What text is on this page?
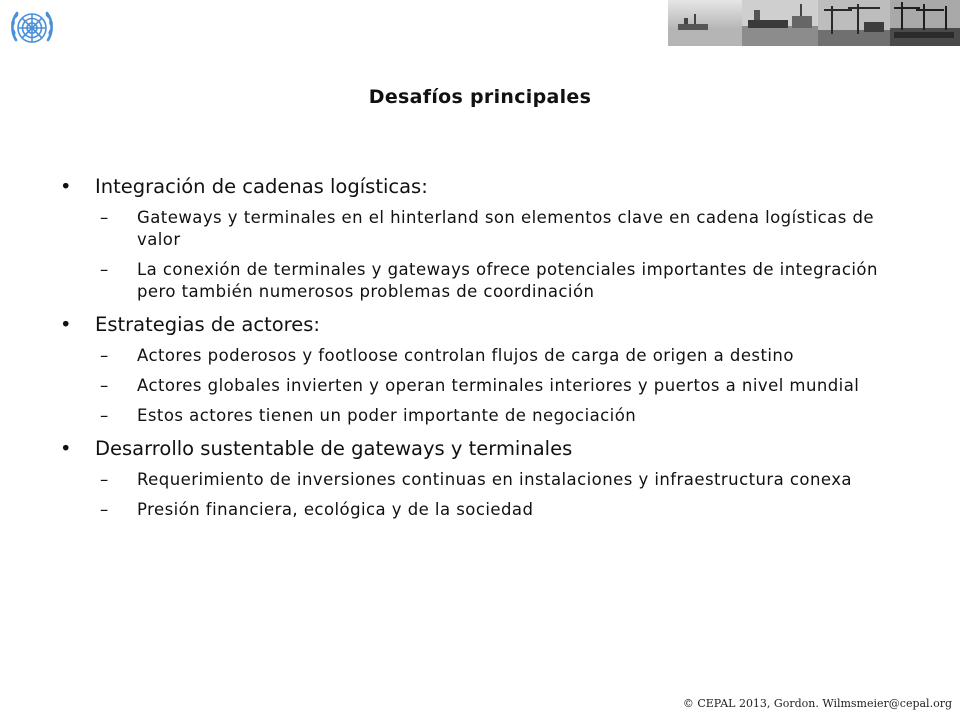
Desafíos principales
•	Integración de cadenas logísticas:
–	Gateways y terminales en el hinterland son elementos clave en cadena logísticas de valor
–	La conexión de terminales y gateways ofrece potenciales importantes de integración pero también numerosos problemas de coordinación
•	Estrategias de actores:
–	Actores poderosos y footloose controlan flujos de carga de origen a destino
–	Actores globales invierten y operan terminales interiores y puertos a nivel mundial
–	Estos actores tienen un poder importante de negociación
•	Desarrollo sustentable de gateways y terminales
–	Requerimiento de inversiones continuas en instalaciones y infraestructura conexa
–	Presión financiera, ecológica y de la sociedad
© CEPAL 2013, Gordon. Wilmsmeier@cepal.org
